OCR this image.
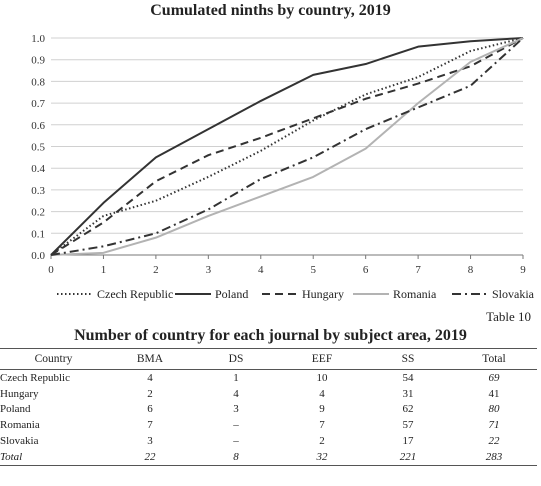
Cumulated ninths by country, 2019
0.0
0.1
0.2
0.3
0.4
0.5
0.6
0.7
0.8
0.9
1.0
0	1	2	3	4	5	6	7	8	9
Czech Republic	Poland	Hungary	Romania	Slovakia

Table 10

Number of country for each journal by subject area, 2019

Country	BMA	DS	EEF	SS	Total
Czech Republic	4	1	10	54	69
Hungary	2	4	4	31	41
Poland	6	3	9	62	80
Romania	7	–	7	57	71
Slovakia	3	–	2	17	22
Total	22	8	32	221	283
